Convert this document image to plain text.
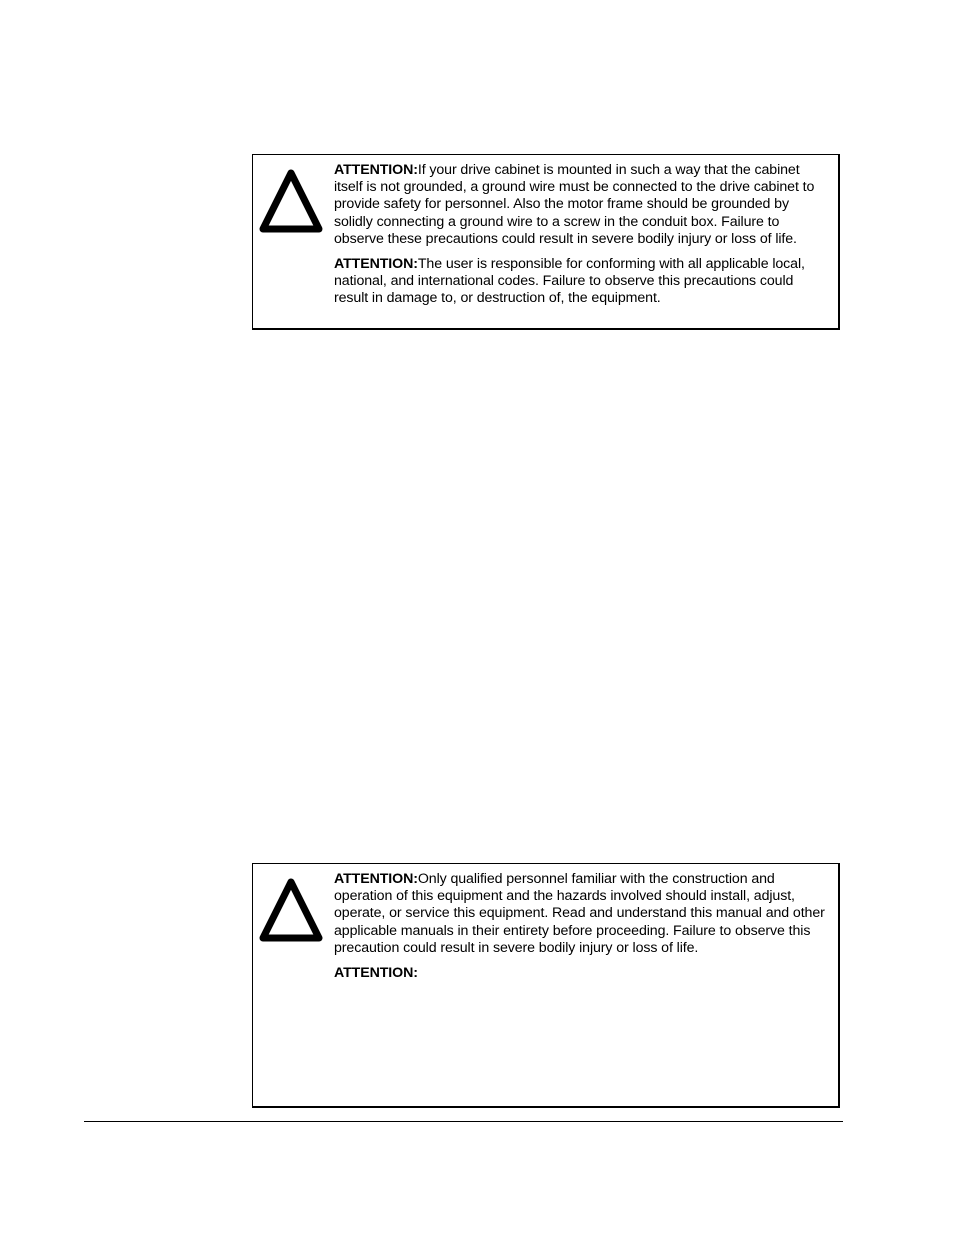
ATTENTION:If your drive cabinet is mounted in such a way that the cabinet itself is not grounded, a ground wire must be connected to the drive cabinet to provide safety for personnel. Also the motor frame should be grounded by solidly connecting a ground wire to a screw in the conduit box. Failure to observe these precautions could result in severe bodily injury or loss of life.

ATTENTION:The user is responsible for conforming with all applicable local, national, and international codes. Failure to observe this precautions could result in damage to, or destruction of, the equipment.

ATTENTION:Only qualified personnel familiar with the construction and operation of this equipment and the hazards involved should install, adjust, operate, or service this equipment. Read and understand this manual and other applicable manuals in their entirety before proceeding. Failure to observe this precaution could result in severe bodily injury or loss of life.

ATTENTION:
